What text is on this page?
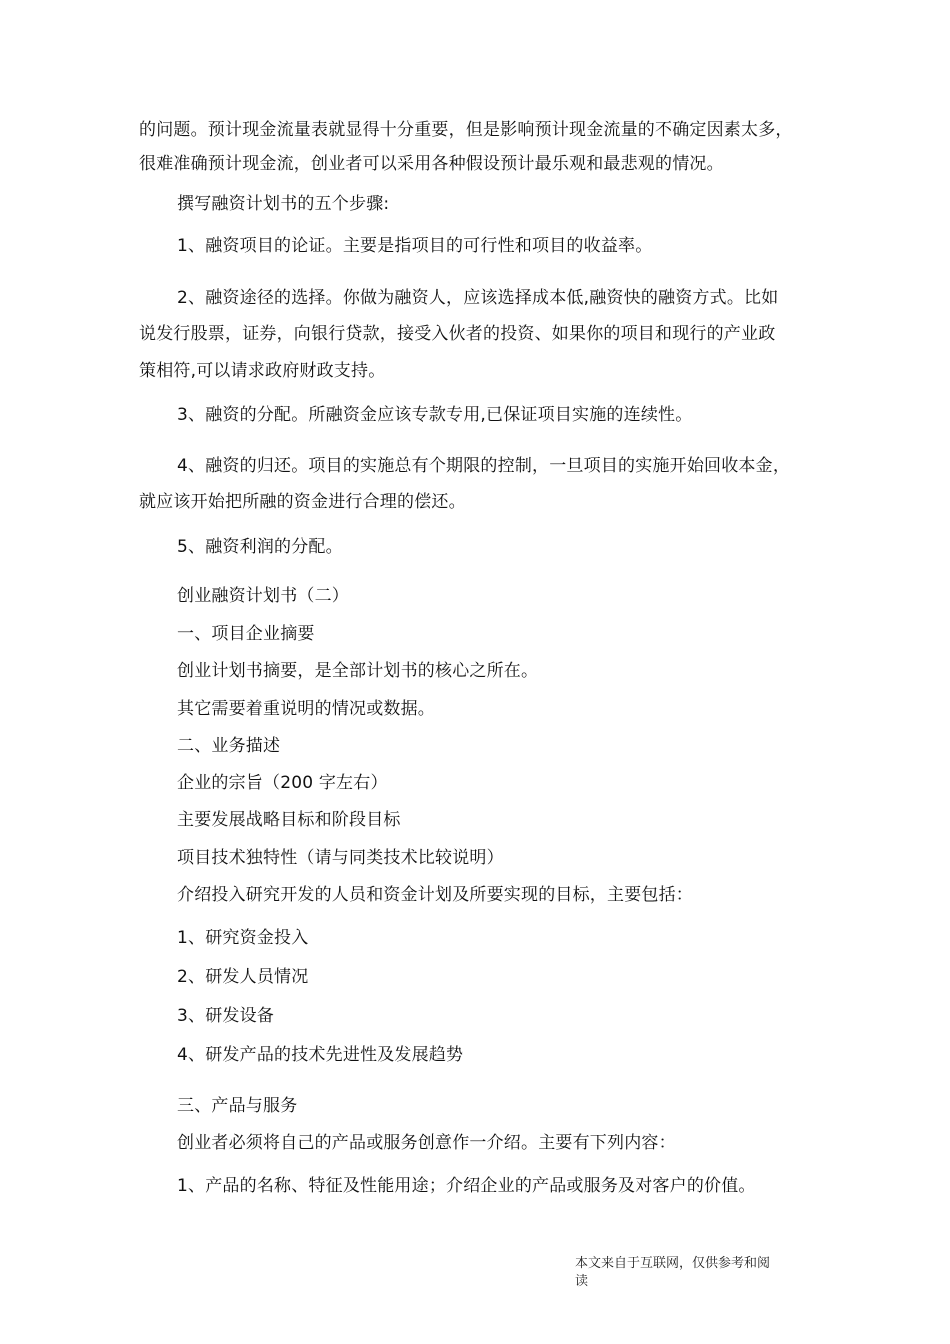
的问题。预计现金流量表就显得十分重要，但是影响预计现金流量的不确定因素太多，
很难准确预计现金流，创业者可以采用各种假设预计最乐观和最悲观的情况。
撰写融资计划书的五个步骤:
1、融资项目的论证。主要是指项目的可行性和项目的收益率。
2、融资途径的选择。你做为融资人，应该选择成本低,融资快的融资方式。比如
说发行股票，证券，向银行贷款，接受入伙者的投资、如果你的项目和现行的产业政
策相符,可以请求政府财政支持。
3、融资的分配。所融资金应该专款专用,已保证项目实施的连续性。
4、融资的归还。项目的实施总有个期限的控制，一旦项目的实施开始回收本金，
就应该开始把所融的资金进行合理的偿还。
5、融资利润的分配。
创业融资计划书（二）
一、项目企业摘要
创业计划书摘要，是全部计划书的核心之所在。
其它需要着重说明的情况或数据。
二、业务描述
企业的宗旨（200 字左右）
主要发展战略目标和阶段目标
项目技术独特性（请与同类技术比较说明）
介绍投入研究开发的人员和资金计划及所要实现的目标，主要包括：
1、研究资金投入
2、研发人员情况
3、研发设备
4、研发产品的技术先进性及发展趋势
三、产品与服务
创业者必须将自己的产品或服务创意作一介绍。主要有下列内容：
1、产品的名称、特征及性能用途；介绍企业的产品或服务及对客户的价值。
本文来自于互联网，仅供参考和阅
读
